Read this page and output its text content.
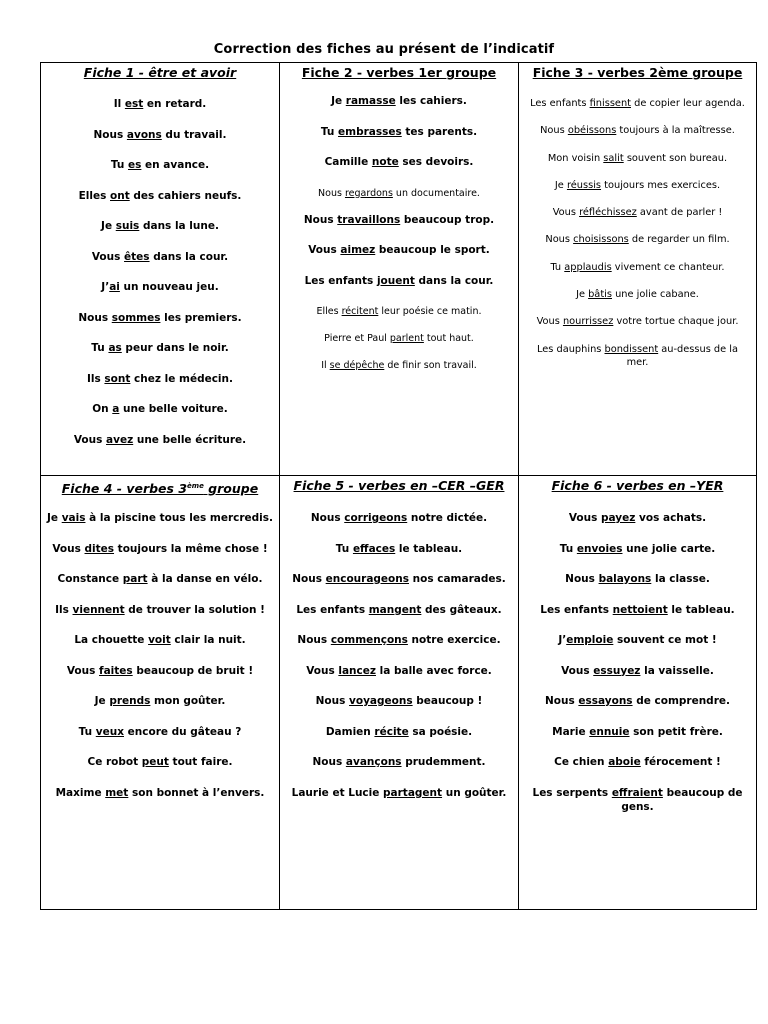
Correction des fiches au présent de l’indicatif
Fiche 1 - être et avoir
Il est en retard.
Nous avons du travail.
Tu es en avance.
Elles ont des cahiers neufs.
Je suis dans la lune.
Vous êtes dans la cour.
J’ai un nouveau jeu.
Nous sommes les premiers.
Tu as peur dans le noir.
Ils sont chez le médecin.
On a une belle voiture.
Vous avez une belle écriture.
Fiche 2 - verbes 1er groupe
Je ramasse les cahiers.
Tu embrasses tes parents.
Camille note ses devoirs.
Nous regardons un documentaire.
Nous travaillons beaucoup trop.
Vous aimez beaucoup le sport.
Les enfants jouent dans la cour.
Elles récitent leur poésie ce matin.
Pierre et Paul parlent tout haut.
Il se dépêche de finir son travail.
Fiche 3 - verbes 2ème groupe
Les enfants finissent de copier leur agenda.
Nous obéissons toujours à la maîtresse.
Mon voisin salit souvent son bureau.
Je réussis toujours mes exercices.
Vous réfléchissez avant de parler !
Nous choisissons de regarder un film.
Tu applaudis vivement ce chanteur.
Je bâtis une jolie cabane.
Vous nourrissez votre tortue chaque jour.
Les dauphins bondissent au-dessus de la mer.
Fiche 4 - verbes 3ème groupe
Je vais à la piscine tous les mercredis.
Vous dites toujours la même chose !
Constance part à la danse en vélo.
Ils viennent de trouver la solution !
La chouette voit clair la nuit.
Vous faites beaucoup de bruit !
Je prends mon goûter.
Tu veux encore du gâteau ?
Ce robot peut tout faire.
Maxime met son bonnet à l’envers.
Fiche 5 - verbes en –CER –GER
Nous corrigeons notre dictée.
Tu effaces le tableau.
Nous encourageons nos camarades.
Les enfants mangent des gâteaux.
Nous commençons notre exercice.
Vous lancez la balle avec force.
Nous voyageons beaucoup !
Damien récite sa poésie.
Nous avançons prudemment.
Laurie et Lucie partagent un goûter.
Fiche 6 - verbes en –YER
Vous payez vos achats.
Tu envoies une jolie carte.
Nous balayons la classe.
Les enfants nettoient le tableau.
J’emploie souvent ce mot !
Vous essuyez la vaisselle.
Nous essayons de comprendre.
Marie ennuie son petit frère.
Ce chien aboie férocement !
Les serpents effraient beaucoup de gens.
